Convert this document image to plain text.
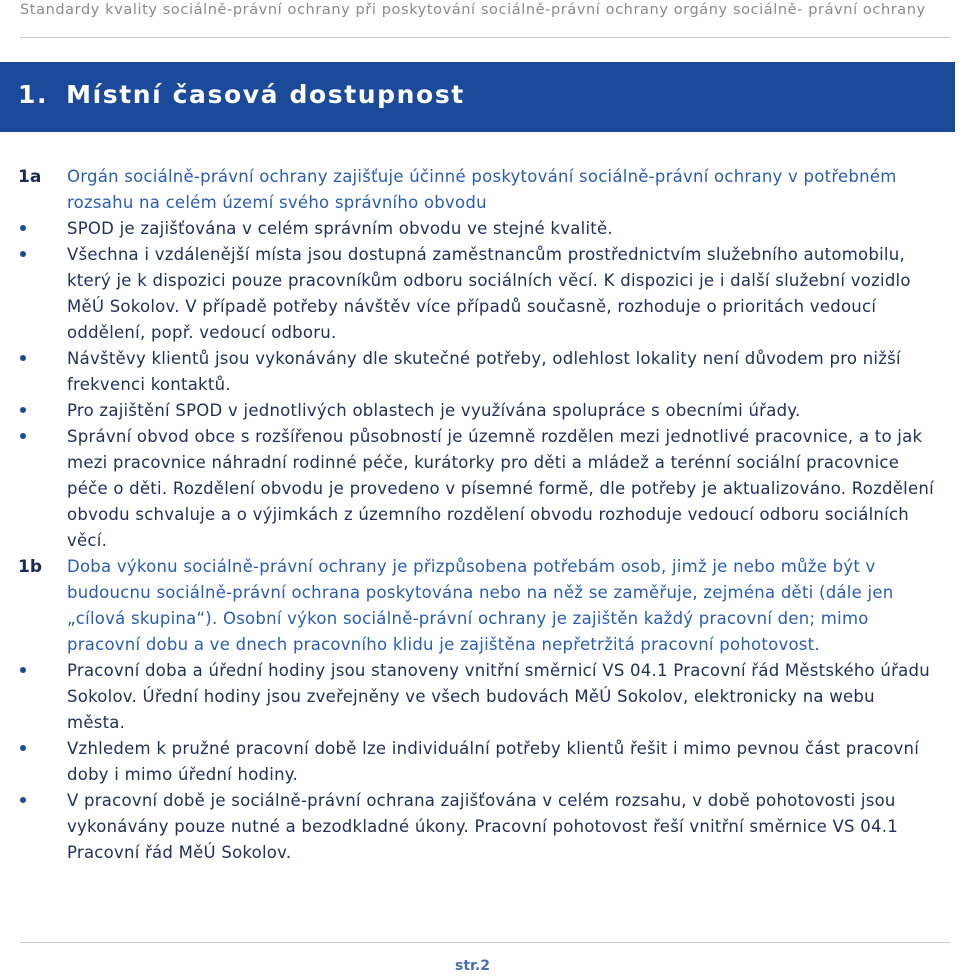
Standardy kvality sociálně-právní ochrany při poskytování sociálně-právní ochrany orgány sociálně- právní ochrany
1. Místní časová dostupnost
1a Orgán sociálně-právní ochrany zajišťuje účinné poskytování sociálně-právní ochrany v potřebném rozsahu na celém území svého správního obvodu
SPOD je zajišťována v celém správním obvodu ve stejné kvalitě.
Všechna i vzdálenější místa jsou dostupná zaměstnancům prostřednictvím služebního automobilu, který je k dispozici pouze pracovníkům odboru sociálních věcí. K dispozici je i další služební vozidlo MěÚ Sokolov. V případě potřeby návštěv více případů současně, rozhoduje o prioritách vedoucí oddělení, popř. vedoucí odboru.
Návštěvy klientů jsou vykonávány dle skutečné potřeby, odlehlost lokality není důvodem pro nižší frekvenci kontaktů.
Pro zajištění SPOD v jednotlivých oblastech je využívána spolupráce s obecními úřady.
Správní obvod obce s rozšířenou působností je územně rozdělen mezi jednotlivé pracovnice, a to jak mezi pracovnice náhradní rodinné péče, kurátorky pro děti a mládež a terénní sociální pracovnice péče o děti. Rozdělení obvodu je provedeno v písemné formě, dle potřeby je aktualizováno. Rozdělení obvodu schvaluje a o výjimkách z územního rozdělení obvodu rozhoduje vedoucí odboru sociálních věcí.
1b Doba výkonu sociálně-právní ochrany je přizpůsobena potřebám osob, jimž je nebo může být v budoucnu sociálně-právní ochrana poskytována nebo na něž se zaměřuje, zejména děti (dále jen „cílová skupina“). Osobní výkon sociálně-právní ochrany je zajištěn každý pracovní den; mimo pracovní dobu a ve dnech pracovního klidu je zajištěna nepřetržitá pracovní pohotovost.
Pracovní doba a úřední hodiny jsou stanoveny vnitřní směrnicí VS 04.1 Pracovní řád Městského úřadu Sokolov. Úřední hodiny jsou zveřejněny ve všech budovách MěÚ Sokolov, elektronicky na webu města.
Vzhledem k pružné pracovní době lze individuální potřeby klientů řešit i mimo pevnou část pracovní doby i mimo úřední hodiny.
V pracovní době je sociálně-právní ochrana zajišťována v celém rozsahu, v době pohotovosti jsou vykonávány pouze nutné a bezodkladné úkony. Pracovní pohotovost řeší vnitřní směrnice VS 04.1 Pracovní řád MěÚ Sokolov.
str.2
